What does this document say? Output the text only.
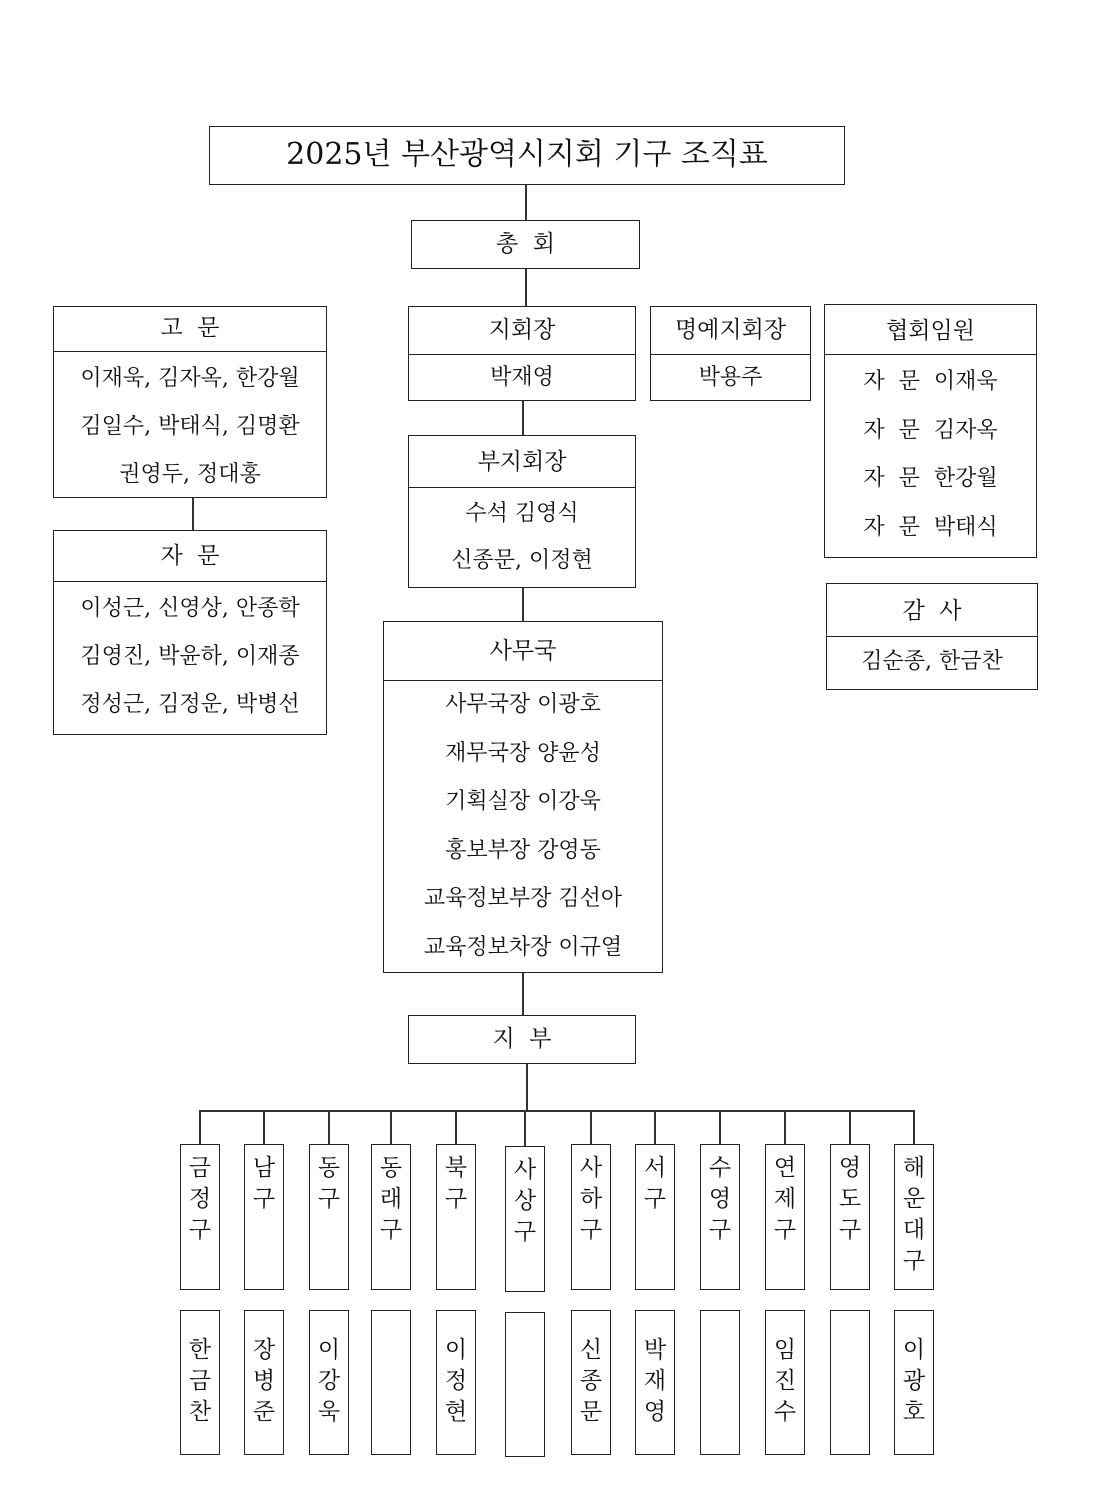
2025년 부산광역시지회 기구 조직표
총  회
고  문
이재욱, 김자옥, 한강월
김일수, 박태식, 김명환
권영두, 정대홍
자  문
이성근, 신영상, 안종학
김영진, 박윤하, 이재종
정성근, 김정운, 박병선
지회장
박재영
명예지회장
박용주
협회임원
자  문  이재욱
자  문  김자옥
자  문  한강월
자  문  박태식
부지회장
수석 김영식
신종문, 이정현
감  사
김순종, 한금찬
사무국
사무국장 이광호
재무국장 양윤성
기획실장 이강욱
홍보부장 강영동
교육정보부장 김선아
교육정보차장 이규열
지  부
금
정
구
한
금
찬
남
구
장
병
준
동
구
이
강
욱
동
래
구
북
구
이
정
현
사
상
구
사
하
구
신
종
문
서
구
박
재
영
수
영
구
연
제
구
임
진
수
영
도
구
해
운
대
구
이
광
호
